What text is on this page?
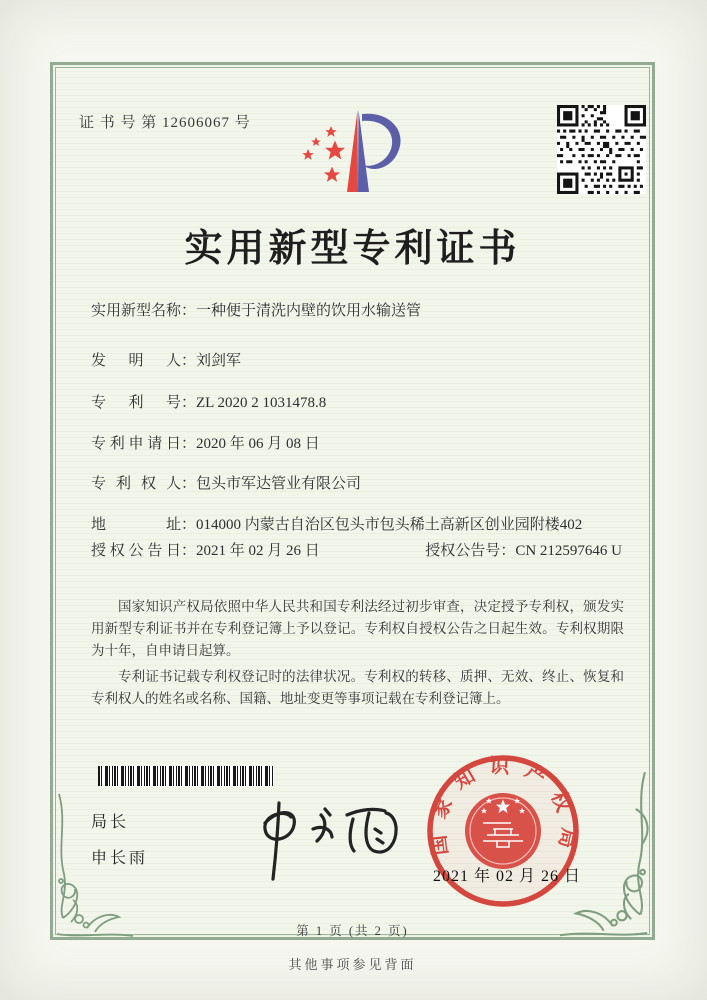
证 书 号 第 12606067 号
实用新型专利证书
实用新型名称 ： 一种便于清洗内壁的饮用水输送管
发明人 ： 刘剑军
专利号 ： ZL 2020 2 1031478.8
专利申请日 ： 2020 年 06 月 08 日
专利权人 ： 包头市军达管业有限公司
地址 ： 014000 内蒙古自治区包头市包头稀土高新区创业园附楼402
授权公告日 ： 2021 年 02 月 26 日	授权公告号 ： CN 212597646 U

国家知识产权局依照中华人民共和国专利法经过初步审查，决定授予专利权，颁发实用新型专利证书并在专利登记簿上予以登记。专利权自授权公告之日起生效。专利权期限为十年，自申请日起算。

专利证书记载专利权登记时的法律状况。专利权的转移、质押、无效、终止、恢复和专利权人的姓名或名称、国籍、地址变更等事项记载在专利登记簿上。

局长
申长雨
国家知识产权局
2021 年 02 月 26 日
第 1 页 (共 2 页)
其他事项参见背面
